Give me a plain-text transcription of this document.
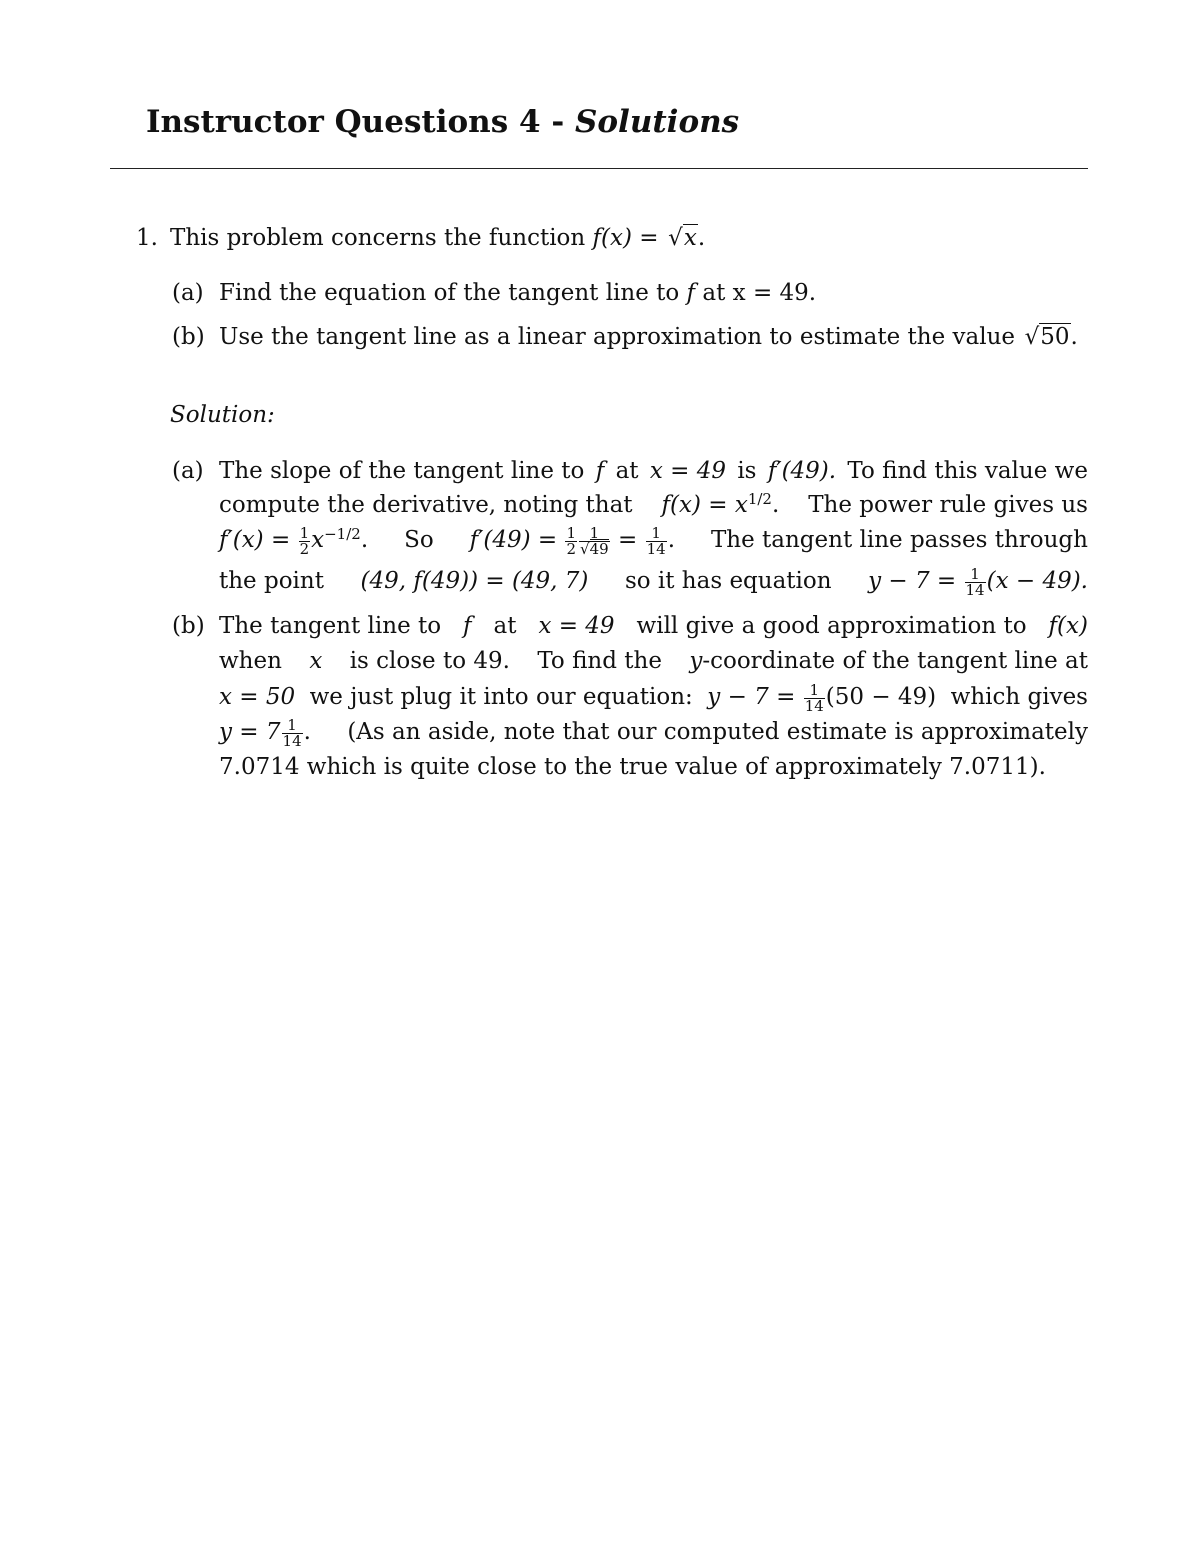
Instructor Questions 4 - Solutions
1. This problem concerns the function f(x) = √x.
(a) Find the equation of the tangent line to f at x = 49.
(b) Use the tangent line as a linear approximation to estimate the value √50.
Solution:
(a) The slope of the tangent line to f at x = 49 is f′(49). To find this value we
compute the derivative, noting that $f(x) = x^{1/2}$. The power rule gives us
$f'(x) = \frac{1}{2} x^{-1/2}$. So $f'(49) = \frac{1}{2} \frac{1}{√49} = \frac{1}{14}$ . The tangent line passes through
the point (49, f(49)) = (49, 7) so it has equation $y - 7 = \frac{1}{14} (x - 49)$.
(b) The tangent line to f at x = 49 will give a good approximation to f(x)
when x is close to 49. To find the y-coordinate of the tangent line at
x = 50 we just plug it into our equation: $y - 7 = \frac{1}{14} (50 - 49)$ which gives
$y = 7 \frac{1}{14}$ . (As an aside, note that our computed estimate is approximately
7.0714 which is quite close to the true value of approximately 7.0711).
